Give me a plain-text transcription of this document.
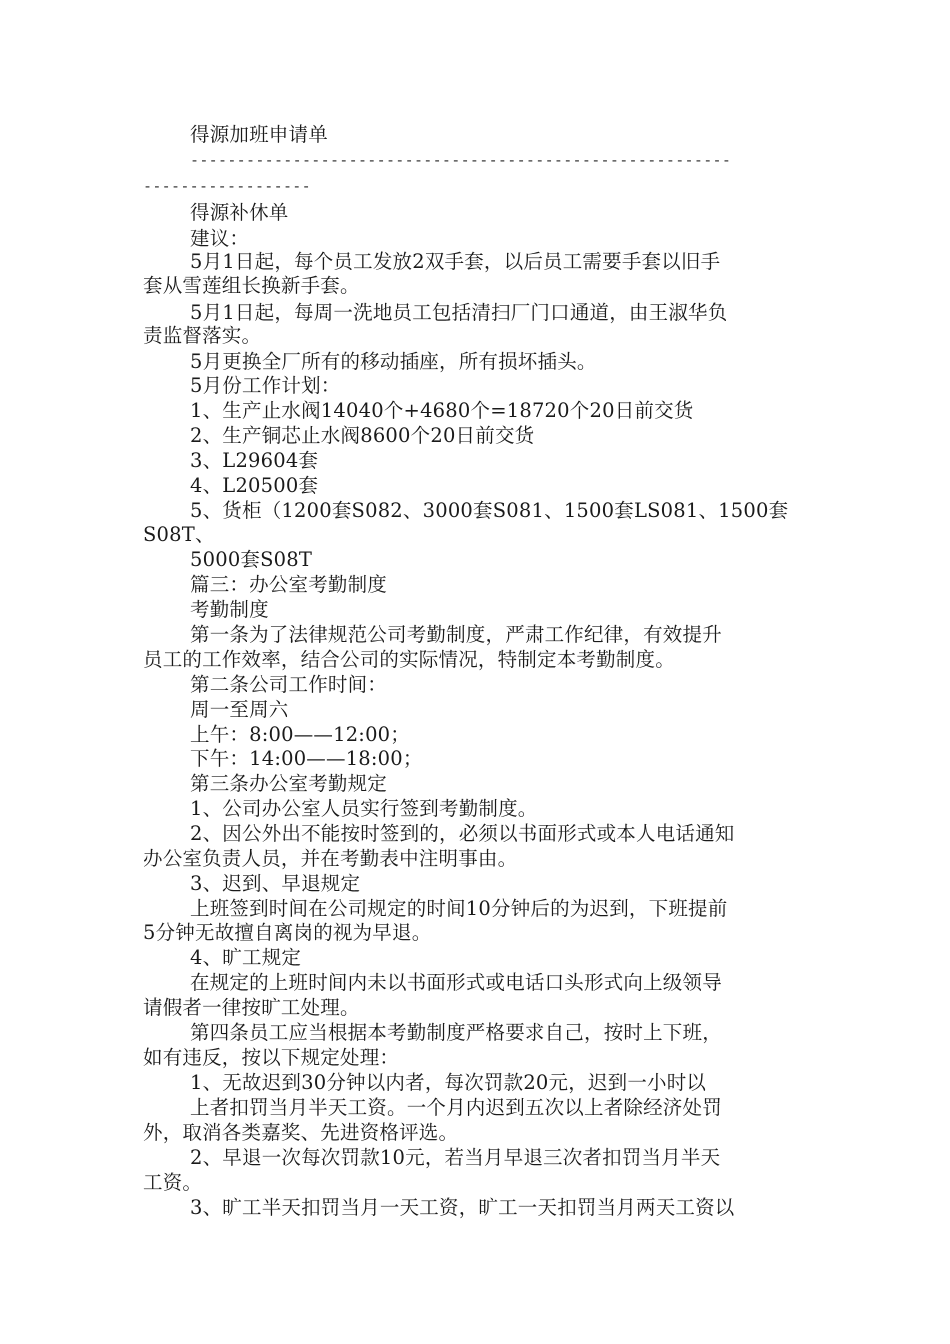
得源加班申请单
----------------------------------------------------------
------------------
得源补休单
建议：
5月1日起，每个员工发放2双手套，以后员工需要手套以旧手
套从雪莲组长换新手套。
5月1日起，每周一洗地员工包括清扫厂门口通道，由王淑华负
责监督落实。
5月更换全厂所有的移动插座，所有损坏插头。
5月份工作计划：
1、生产止水阀14040个+4680个=18720个20日前交货
2、生产铜芯止水阀8600个20日前交货
3、L29604套
4、L20500套
5、货柜（1200套S082、3000套S081、1500套LS081、1500套
S08T、
5000套S08T
篇三：办公室考勤制度
考勤制度
第一条为了法律规范公司考勤制度，严肃工作纪律，有效提升
员工的工作效率，结合公司的实际情况，特制定本考勤制度。
第二条公司工作时间：
周一至周六
上午：8:00——12:00；
下午：14:00——18:00；
第三条办公室考勤规定
1、公司办公室人员实行签到考勤制度。
2、因公外出不能按时签到的，必须以书面形式或本人电话通知
办公室负责人员，并在考勤表中注明事由。
3、迟到、早退规定
上班签到时间在公司规定的时间10分钟后的为迟到，下班提前
5分钟无故擅自离岗的视为早退。
4、旷工规定
在规定的上班时间内未以书面形式或电话口头形式向上级领导
请假者一律按旷工处理。
第四条员工应当根据本考勤制度严格要求自己，按时上下班，
如有违反，按以下规定处理：
1、无故迟到30分钟以内者，每次罚款20元，迟到一小时以
上者扣罚当月半天工资。一个月内迟到五次以上者除经济处罚
外，取消各类嘉奖、先进资格评选。
2、早退一次每次罚款10元，若当月早退三次者扣罚当月半天
工资。
3、旷工半天扣罚当月一天工资，旷工一天扣罚当月两天工资以
